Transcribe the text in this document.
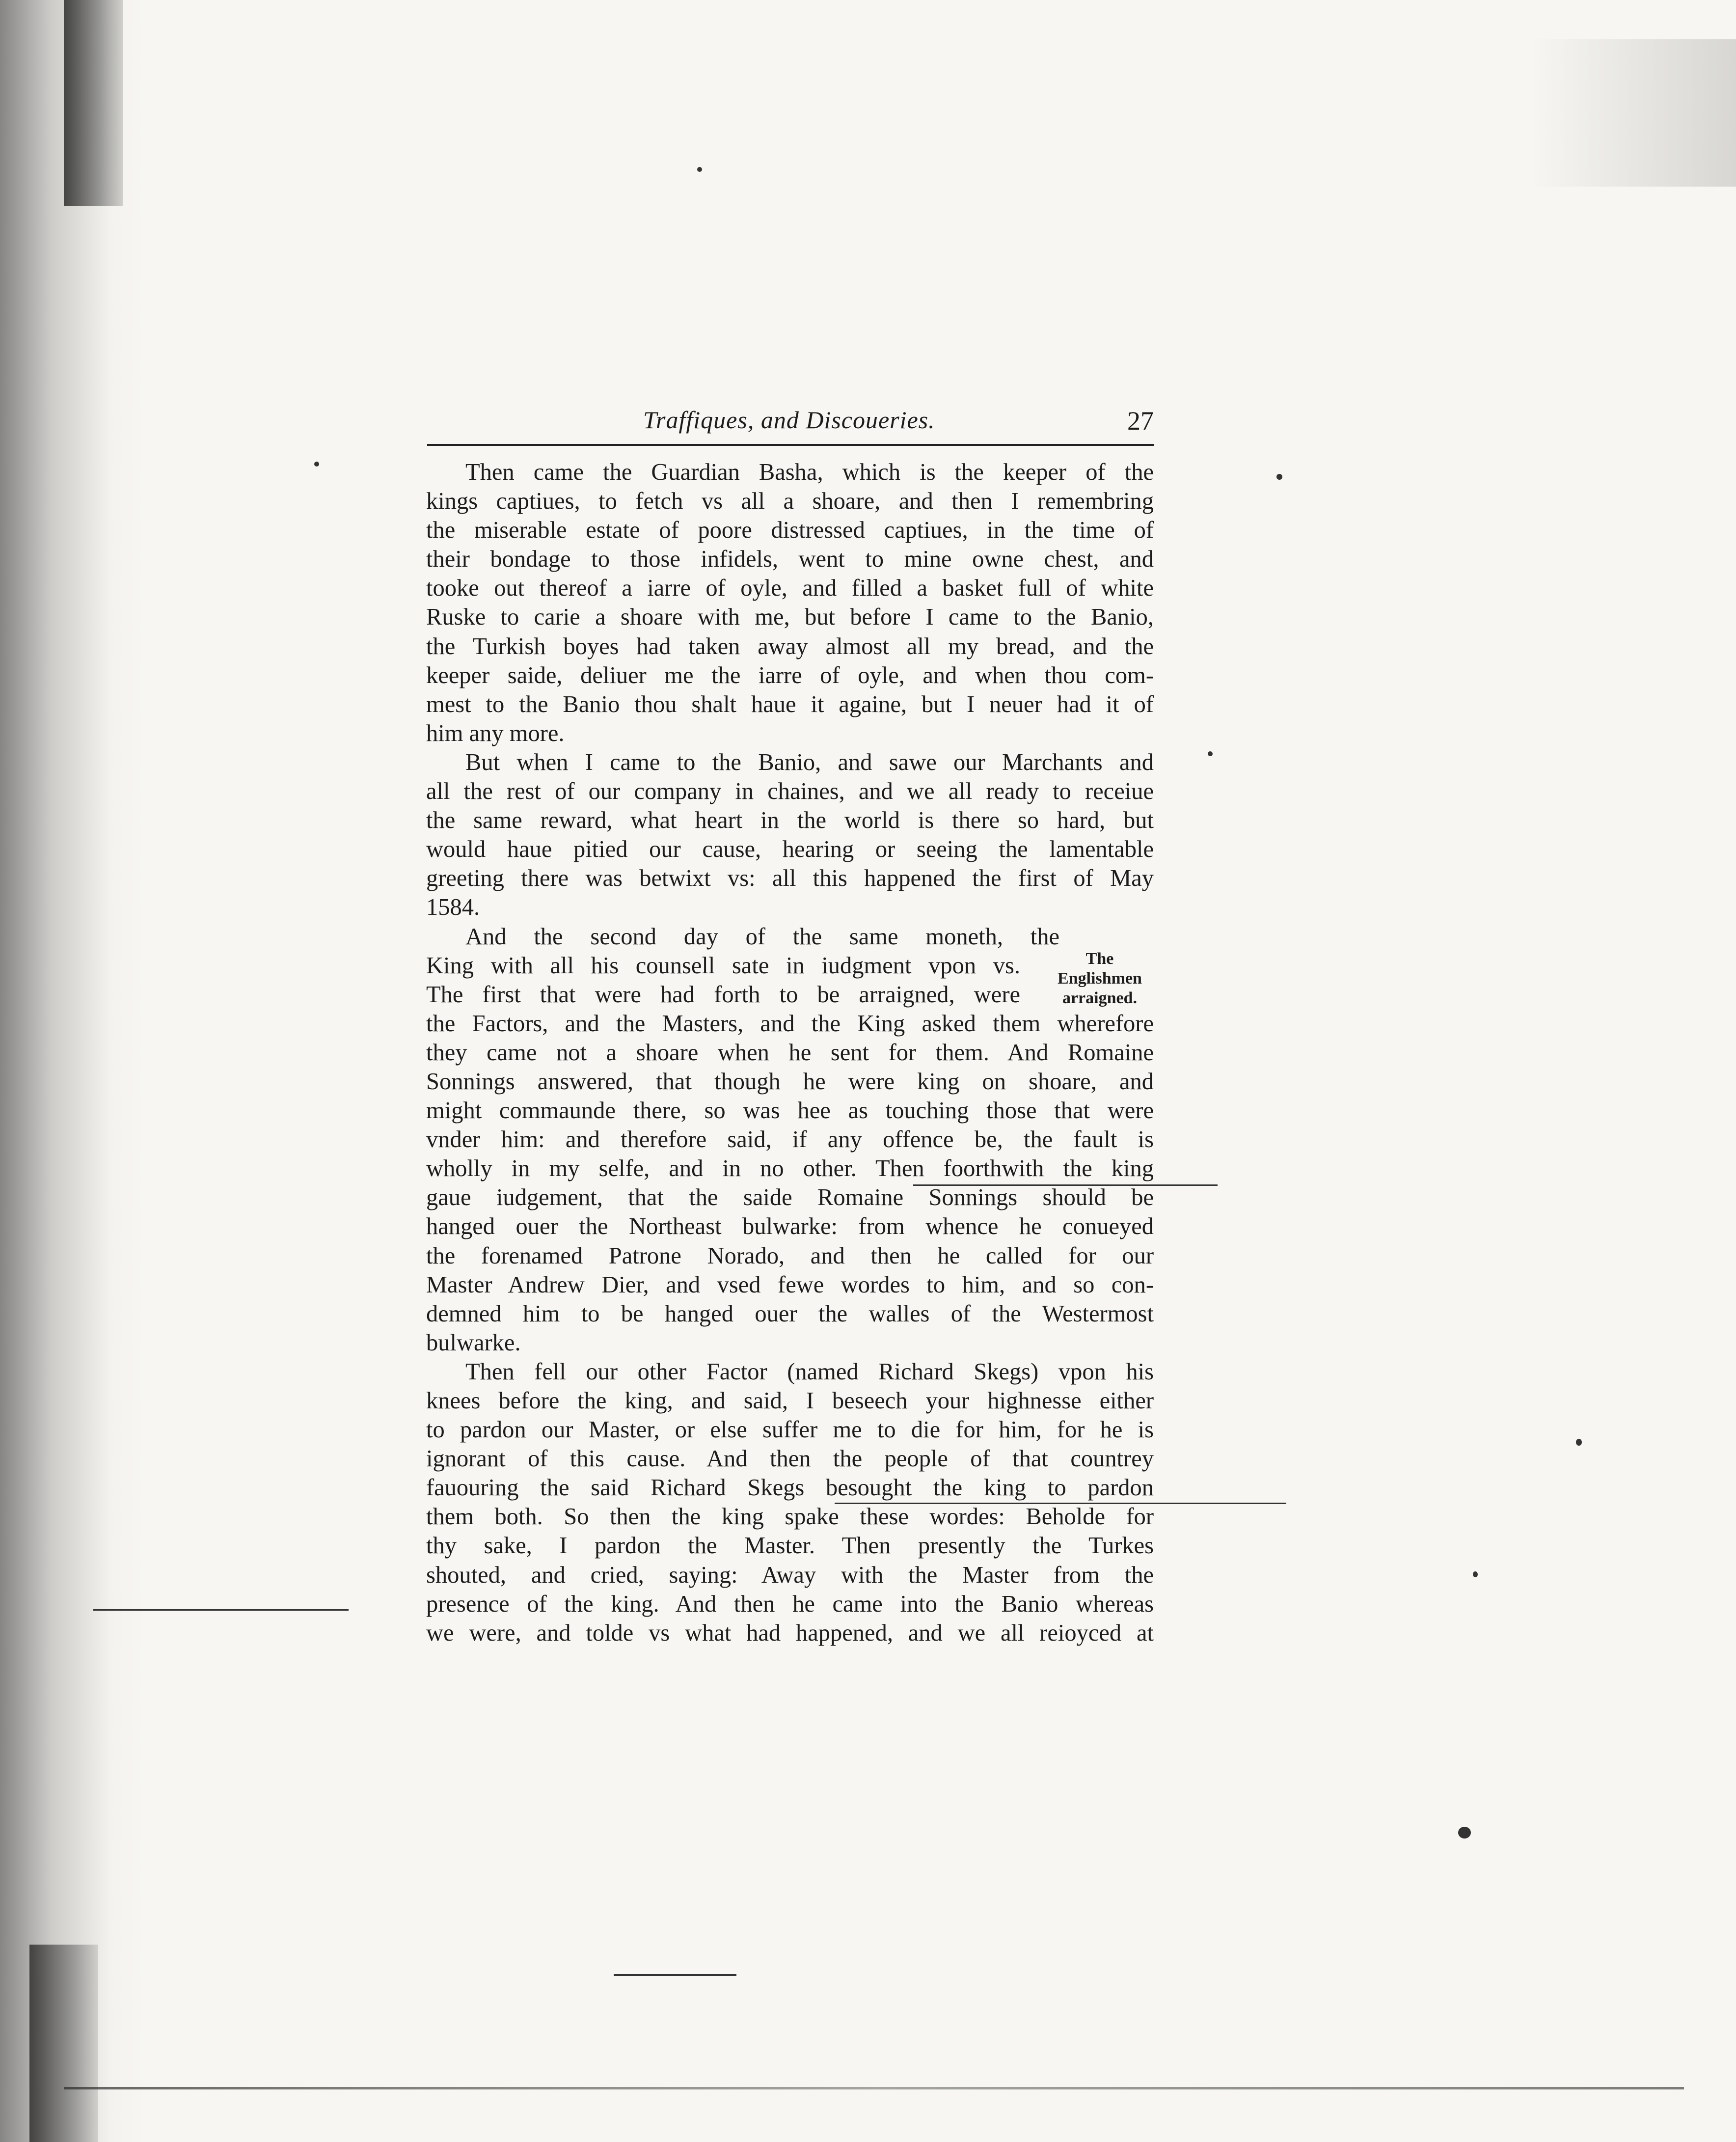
Traffiques, and Discoueries.	27
The
Englishmen
arraigned.
Then came the Guardian Basha, which is the keeper of the
kings captiues, to fetch vs all a shoare, and then I remembring
the miserable estate of poore distressed captiues, in the time of
their bondage to those infidels, went to mine owne chest, and
tooke out thereof a iarre of oyle, and filled a basket full of white
Ruske to carie a shoare with me, but before I came to the Banio,
the Turkish boyes had taken away almost all my bread, and the
keeper saide, deliuer me the iarre of oyle, and when thou com-
mest to the Banio thou shalt haue it againe, but I neuer had it of
him any more.
But when I came to the Banio, and sawe our Marchants and
all the rest of our company in chaines, and we all ready to receiue
the same reward, what heart in the world is there so hard, but
would haue pitied our cause, hearing or seeing the lamentable
greeting there was betwixt vs: all this happened the first of May
1584.
And the second day of the same moneth, the
King with all his counsell sate in iudgment vpon vs.
The first that were had forth to be arraigned, were
the Factors, and the Masters, and the King asked them wherefore
they came not a shoare when he sent for them. And Romaine
Sonnings answered, that though he were king on shoare, and
might commaunde there, so was hee as touching those that were
vnder him: and therefore said, if any offence be, the fault is
wholly in my selfe, and in no other. Then foorthwith the king
gaue iudgement, that the saide Romaine Sonnings should be
hanged ouer the Northeast bulwarke: from whence he conueyed
the forenamed Patrone Norado, and then he called for our
Master Andrew Dier, and vsed fewe wordes to him, and so con-
demned him to be hanged ouer the walles of the Westermost
bulwarke.
Then fell our other Factor (named Richard Skegs) vpon his
knees before the king, and said, I beseech your highnesse either
to pardon our Master, or else suffer me to die for him, for he is
ignorant of this cause. And then the people of that countrey
fauouring the said Richard Skegs besought the king to pardon
them both. So then the king spake these wordes: Beholde for
thy sake, I pardon the Master. Then presently the Turkes
shouted, and cried, saying: Away with the Master from the
presence of the king. And then he came into the Banio whereas
we were, and tolde vs what had happened, and we all reioyced at
